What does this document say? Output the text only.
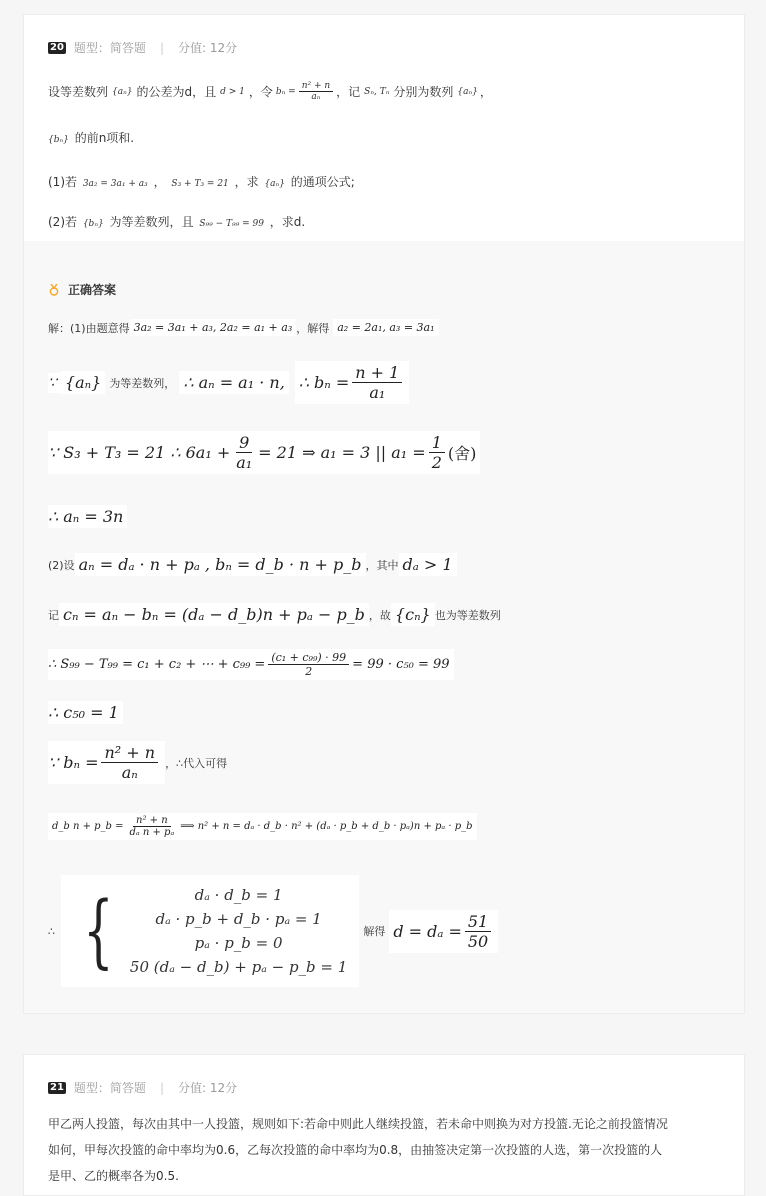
20 题型：简答题 | 分值: 12分
设等差数列 {aₙ} 的公差为d，且 d > 1 ，令 $b_n = \frac{\text{n² + n}}{\text{aₙ}}$ ，记 Sₙ, Tₙ 分别为数列 {aₙ} ，
{bₙ} 的前n项和.
(1)若 3a₂ = 3a₁ + a₃ ， S₃ + T₃ = 21 ，求 {aₙ} 的通项公式;
(2)若 {bₙ} 为等差数列，且 S₉₉ − T₉₉ = 99 ，求d.
正确答案
解：(1)由题意得 3a₂ = 3a₁ + a₃, 2a₂ = a₁ + a₃ ，解得 a₂ = 2a₁, a₃ = 3a₁
∵ {aₙ} 为等差数列， ∴ aₙ = a₁ · n, ∴ $b_n = \frac{n + 1}{\text{a₁}}$
∵ S₃ + T₃ = 21 ∴ $6a_1 + \frac{9}{\text{a₁}} = 21$ ⇒ a₁ = 3 || $a_1 = \frac{1}{2}$ (舍)
∴ aₙ = 3n
(2)设 aₙ = dₐ · n + pₐ , bₙ = d_b · n + p_b ，其中 dₐ > 1
记 cₙ = aₙ − bₙ = (dₐ − d_b)n + pₐ − p_b ，故 {cₙ} 也为等差数列
∴ S₉₉ − T₉₉ = c₁ + c₂ + ⋯ + $c_{99} = \frac{\text{(c₁ + c₉₉) · 99}}{2} = 99 \cdot c_{50} = 99$
∴ c₅₀ = 1
∵ $b_n = \frac{\text{n² + n}}{\text{aₙ}}$ ，∴代入可得
d_b n + p_b = $\frac{\text{n² + n}}{\text{dₐ n + pₐ}}$ ⟹ n² + n = dₐ · d_b · n² + (dₐ · p_b + d_b · pₐ)n + pₐ · p_b
∴ {	dₐ · d_b = 1
dₐ · p_b + d_b · pₐ = 1
pₐ · p_b = 0
50 (dₐ − d_b) + pₐ − p_b = 1
解得 $d = d_a = \frac{51}{50}$
21 题型：简答题 | 分值: 12分
甲乙两人投篮，每次由其中一人投篮，规则如下:若命中则此人继续投篮，若未命中则换为对方投篮.无论之前投篮情况
如何，甲每次投篮的命中率均为0.6，乙每次投篮的命中率均为0.8，由抽签决定第一次投篮的人选，第一次投篮的人
是甲、乙的概率各为0.5.
